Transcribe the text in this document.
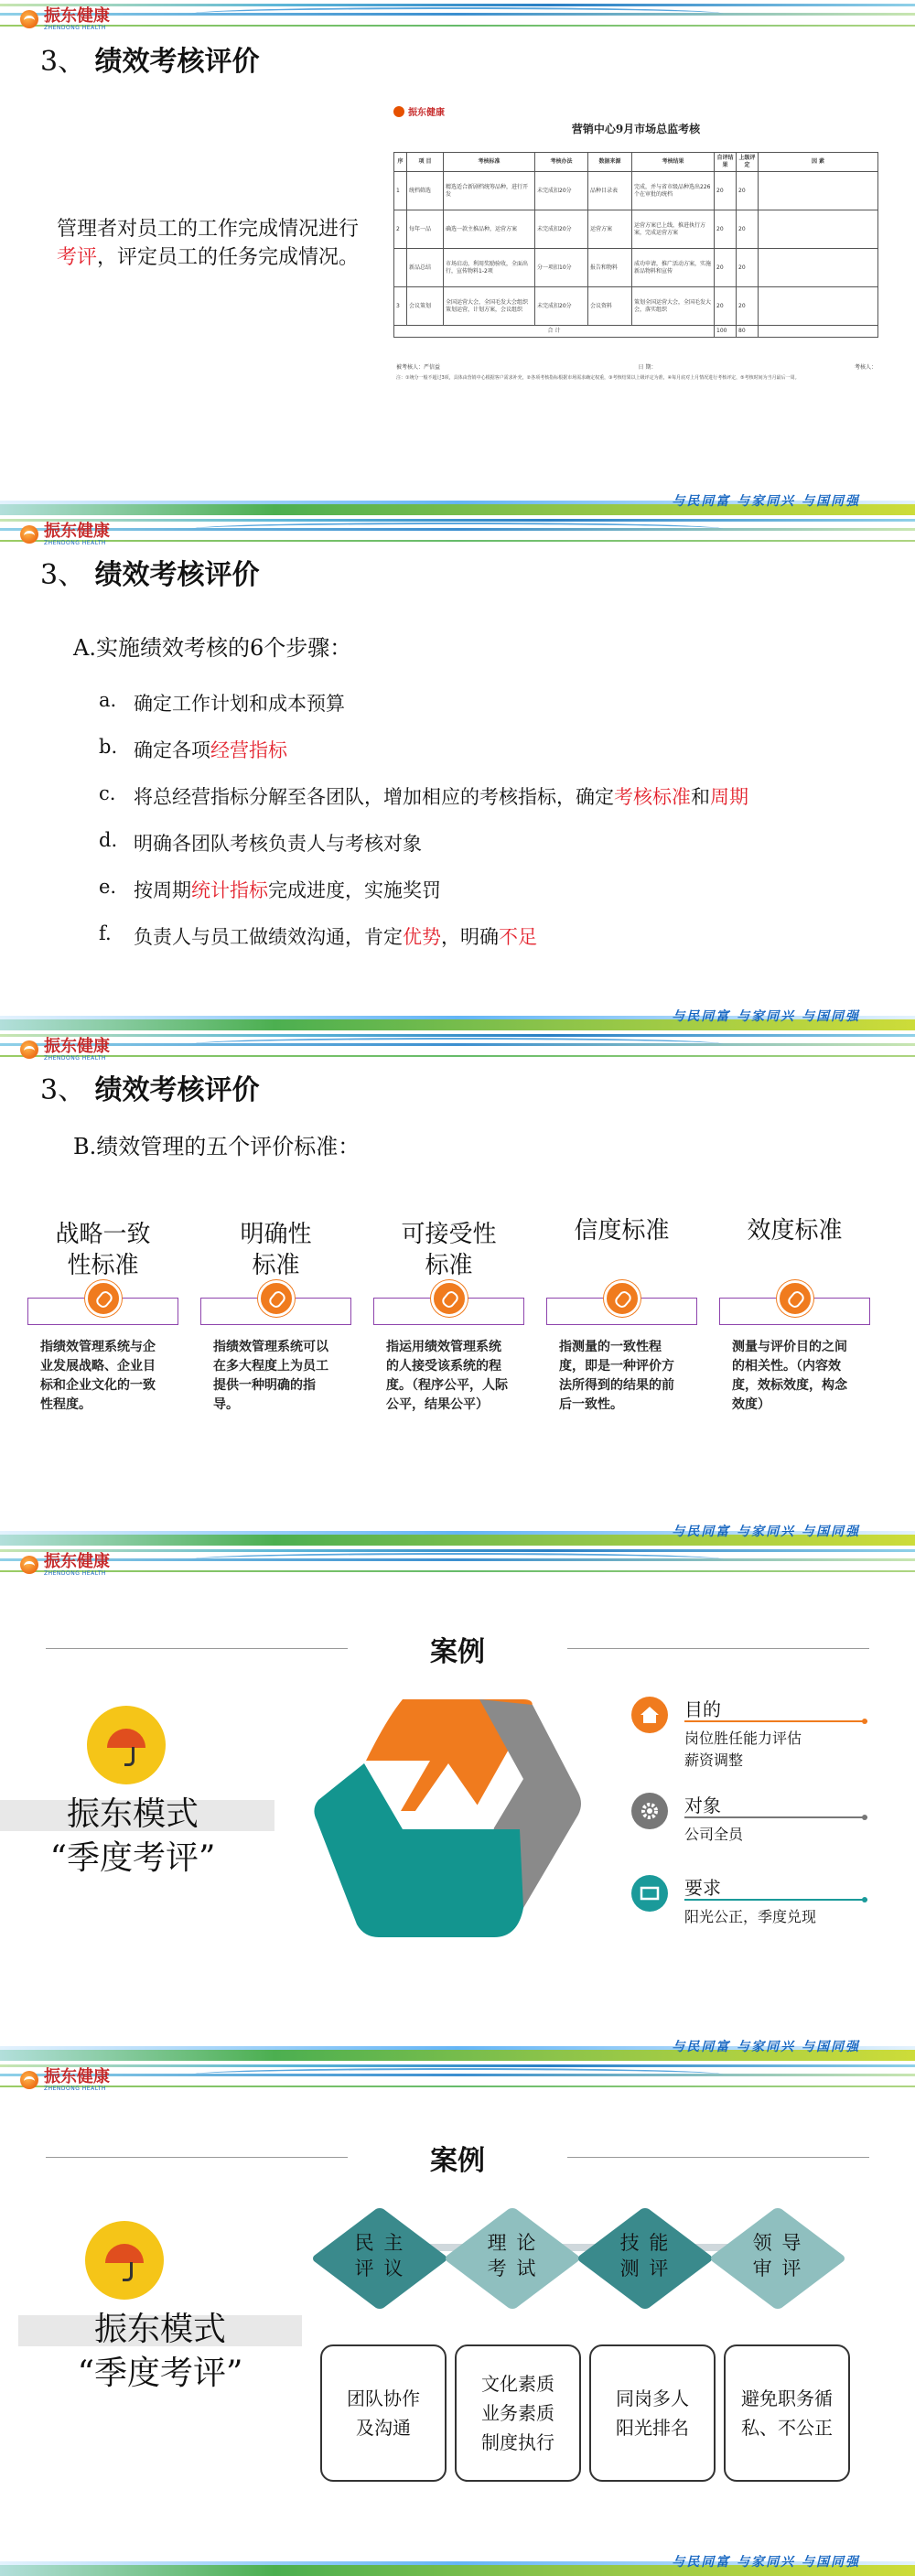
振东健康
ZHENDONG HEALTH
3、 绩效考核评价
管理者对员工的工作完成情况进行考评，评定员工的任务完成情况。
振东健康
营销中心9月市场总监考核
序	项 目	考核标准	考核办法	数据来源	考核结果	自评结果	上级评定	因 素
1	统档筛选	精选适合新剧档统筹品种，进行开发	未完成扣20分	品种目录表	完成，并与省市级品种选出226个在审批的统档	20	20	
2	每年一品	确选一款主推品种，运营方案	未完成扣20分	运营方案	运营方案已上线，推进执行方案，完成运营方案	20	20	
	新品总结	市场启动，利用奖励验收，全面出行，宣传物料1-2项	分一项扣10分	报告和物料	成功申请，推广活动方案，实施新品物料和宣传	20	20	
3	会议策划	全国运营大会，全国毛发大会组织策划运营，计划方案，会议组织	未完成扣20分	会议资料	策划全国运营大会，全国毛发大会，落实组织	20	20	
合 计						100	80	
被考核人：严信益	日 期：	考核人：
注：①统分一般不超过3项，具体由营销中心根据客户需求补充，②各项考核指标根据市场需求确定权重，③考核结果以上级评定为准，④每月底对上月情况进行考核评定，⑤考核时间为当月最后一周。
与民同富 与家同兴 与国同强
振东健康
ZHENDONG HEALTH
3、 绩效考核评价
A.实施绩效考核的6个步骤：
a. 确定工作计划和成本预算
b. 确定各项 经营指标
c. 将总经营指标分解至各团队，增加相应的考核指标，确定 考核标准 和 周期
d. 明确各团队考核负责人与考核对象
e. 按周期 统计指标 完成进度，实施奖罚
f.	负责人与员工做绩效沟通，肯定 优势 ，明确 不足
与民同富 与家同兴 与国同强
振东健康
ZHENDONG HEALTH
3、 绩效考核评价
B.绩效管理的五个评价标准：
战略一致
性标准
指绩效管理系统与企业发展战略、企业目标和企业文化的一致性程度。
明确性
标准
指绩效管理系统可以在多大程度上为员工提供一种明确的指导。
可接受性
标准
指运用绩效管理系统的人接受该系统的程度。（程序公平，人际公平，结果公平）
信度标准
指测量的一致性程度，即是一种评价方法所得到的结果的前后一致性。
效度标准
测量与评价目的之间的相关性。（内容效度，效标效度，构念效度）
与民同富 与家同兴 与国同强
振东健康
ZHENDONG HEALTH
案例
振东模式
“季度考评”
目的
岗位胜任能力评估
薪资调整
对象
公司全员
要求
阳光公正，季度兑现
与民同富 与家同兴 与国同强
振东健康
ZHENDONG HEALTH
案例
振东模式
“季度考评”
民 主
评 议
理 论
考 试
技 能
测 评
领 导
审 评
团队协作
及沟通
文化素质
业务素质
制度执行
同岗多人
阳光排名
避免职务循
私、不公正
与民同富 与家同兴 与国同强
